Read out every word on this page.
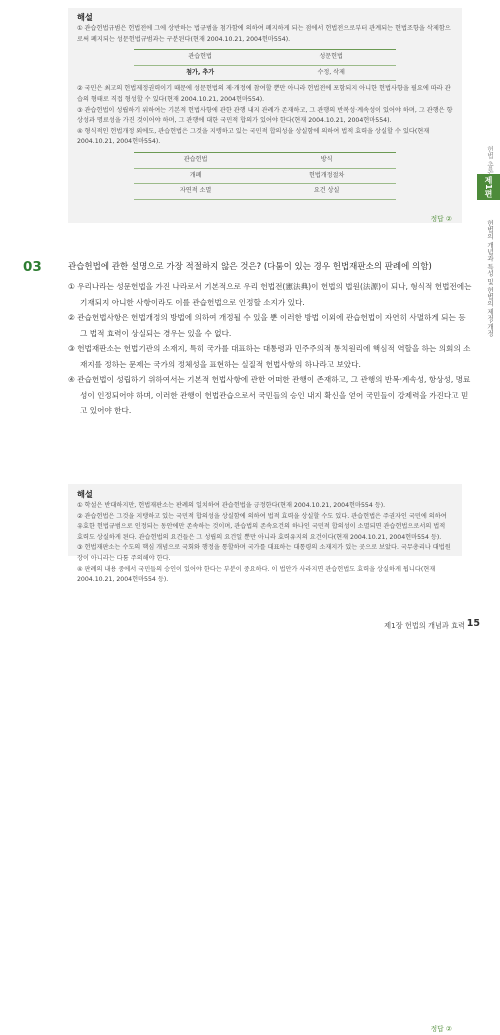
해설

① 관습헌법규범은 헌법전에 그에 상반하는 법규범을 첨가함에 의하여 폐지하게 되는 점에서 헌법전으로부터 관계되는 헌법조항을 삭제함으로써 폐지되는 성문헌법규범과는 구분된다(현재 2004.10.21, 2004헌마554).

관습헌법	성문헌법
첨가, 추가	수정, 삭제

② 국민은 최고의 헌법제정권력이기 때문에 성문헌법의 제·개정에 참여할 뿐만 아니라 헌법전에 포함되지 아니한 헌법사항을 필요에 따라 관습의 형태로 직접 형성할 수 있다(현재 2004.10.21, 2004헌마554).

③ 관습헌법이 성립하기 위하여는 기본적 헌법사항에 관한 관행 내지 관례가 존재하고, 그 관행의 반복성·계속성이 있어야 하며, 그 관행은 항상성과 명료성을 가진 것이어야 하며, 그 관행에 대한 국민적 합의가 있어야 한다(현재 2004.10.21, 2004헌마554).

④ 형식적인 헌법개정 외에도, 관습헌법은 그것을 지탱하고 있는 국민적 합의성을 상실함에 의하여 법적 효력을 상실할 수 있다(현재 2004.10.21, 2004헌마554).

관습헌법	방식
개폐	헌법개정절차
자연적 소멸	요건 상실
정답 ②
03	관습헌법에 관한 설명으로 가장 적절하지 않은 것은? (다툼이 있는 경우 헌법재판소의 판례에 의함)

① 우리나라는 성문헌법을 가진 나라로서 기본적으로 우리 헌법전(憲法典)이 헌법의 법원(法源)이 되나, 형식적 헌법전에는 기재되지 아니한 사항이라도 이를 관습헌법으로 인정할 소지가 있다.

② 관습헌법사항은 헌법개정의 방법에 의하여 개정될 수 있을 뿐 이러한 방법 이외에 관습헌법이 자연히 사멸하게 되는 등 그 법적 효력이 상실되는 경우는 있을 수 없다.

③ 헌법재판소는 헌법기관의 소재지, 특히 국가를 대표하는 대통령과 민주주의적 통치원리에 핵심적 역할을 하는 의회의 소재지를 정하는 문제는 국가의 정체성을 표현하는 실질적 헌법사항의 하나라고 보았다.

④ 관습헌법이 성립하기 위하여서는 기본적 헌법사항에 관한 어떠한 관행이 존재하고, 그 관행의 반복·계속성, 항상성, 명료성이 인정되어야 하며, 이러한 관행이 헌법관습으로서 국민들의 승인 내지 확신을 얻어 국민들이 강제력을 가진다고 믿고 있어야 한다.

해설

① 학설은 반대하지만, 헌법재판소는 판례의 일치하여 관습헌법을 긍정한다(현재 2004.10.21, 2004헌마554 등).

② 관습헌법은 그것을 지탱하고 있는 국민적 합의성을 상실함에 의하여 법적 효력을 상실할 수도 있다. 관습헌법은 주권자인 국민에 의하여 유효한 헌법규범으로 인정되는 동안에만 존속하는 것이며, 관습법의 존속요건의 하나인 국민적 합의성이 소멸되면 관습헌법으로서의 법적 효력도 상실하게 된다. 관습헌법의 요건들은 그 성립의 요건일 뿐만 아니라 효력유지의 요건이다(현재 2004.10.21, 2004헌마554 등).

③ 헌법재판소는 수도의 핵심 개념으로 국회와 행정을 통할하며 국가를 대표하는 대통령의 소재지가 있는 곳으로 보았다. 국무총리나 대법원장이 아니라는 다툼 주의해야 한다.

④ 판례의 내용 중에서 국민들의 승인이 있어야 한다는 부분이 중요하다. 이 법안가 사라지면 관습헌법도 효력을 상실하게 됩니다(현재 2004.10.21, 2004헌마554 등).

정답 ②
헌법 총론
제1편
헌법의 개념과 특성 및 헌법의 제정·개정
제1장 헌법의 개념과 효력 15
